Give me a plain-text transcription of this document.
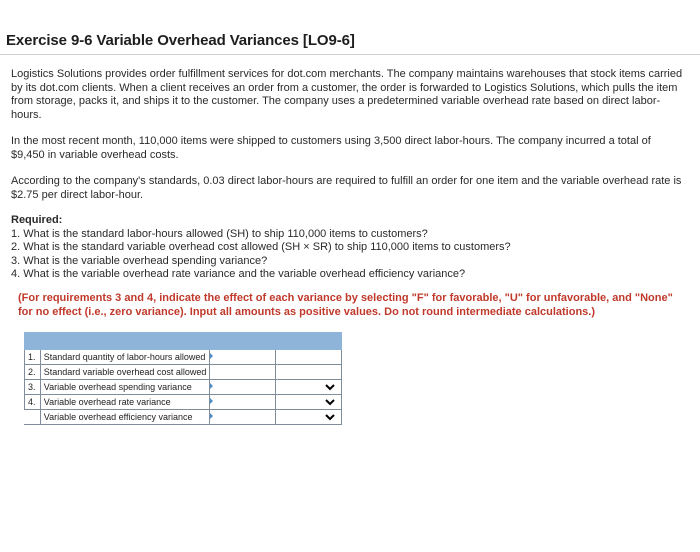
Exercise 9-6 Variable Overhead Variances [LO9-6]
Logistics Solutions provides order fulfillment services for dot.com merchants. The company maintains warehouses that stock items carried by its dot.com clients. When a client receives an order from a customer, the order is forwarded to Logistics Solutions, which pulls the item from storage, packs it, and ships it to the customer. The company uses a predetermined variable overhead rate based on direct labor-hours.
In the most recent month, 110,000 items were shipped to customers using 3,500 direct labor-hours. The company incurred a total of $9,450 in variable overhead costs.
According to the company's standards, 0.03 direct labor-hours are required to fulfill an order for one item and the variable overhead rate is $2.75 per direct labor-hour.
Required:
1. What is the standard labor-hours allowed (SH) to ship 110,000 items to customers?
2. What is the standard variable overhead cost allowed (SH × SR) to ship 110,000 items to customers?
3. What is the variable overhead spending variance?
4. What is the variable overhead rate variance and the variable overhead efficiency variance?
(For requirements 3 and 4, indicate the effect of each variance by selecting "F" for favorable, "U" for unfavorable, and "None" for no effect (i.e., zero variance). Input all amounts as positive values. Do not round intermediate calculations.)

1.	Standard quantity of labor-hours allowed	

2.	Standard variable overhead cost allowed		
3.	Variable overhead spending variance	

4.	Variable overhead rate variance	

	Variable overhead efficiency variance	
